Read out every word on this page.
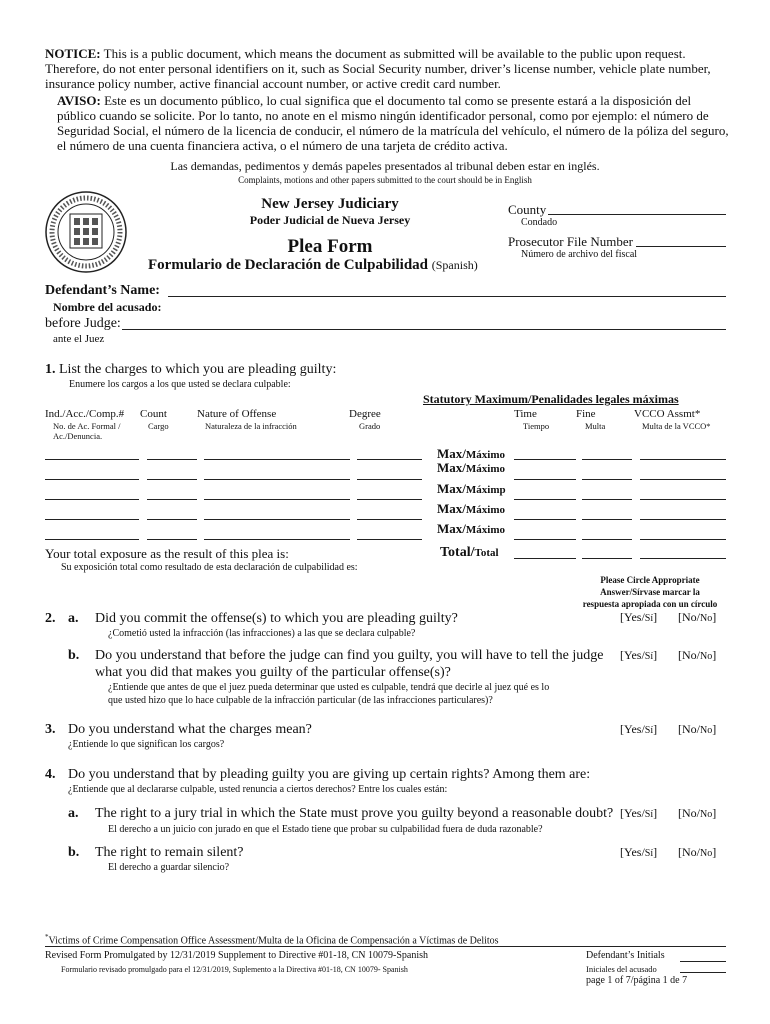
NOTICE: This is a public document, which means the document as submitted will be available to the public upon request. Therefore, do not enter personal identifiers on it, such as Social Security number, driver’s license number, vehicle plate number, insurance policy number, active financial account number, or active credit card number.
AVISO: Este es un documento público, lo cual significa que el documento tal como se presente estará a la disposición del público cuando se solicite. Por lo tanto, no anote en el mismo ningún identificador personal, como por ejemplo: el número de Seguridad Social, el número de la licencia de conducir, el número de la matrícula del vehículo, el número de la póliza del seguro, el número de una cuenta financiera activa, o el número de una tarjeta de crédito activa.
Las demandas, pedimentos y demás papeles presentados al tribunal deben estar en inglés.
Complaints, motions and other papers submitted to the court should be in English
New Jersey Judiciary
Poder Judicial de Nueva Jersey
Plea Form
Formulario de Declaración de Culpabilidad (Spanish)
County
Condado
Prosecutor File Number
Número de archivo del fiscal
Defendant’s Name:
Nombre del acusado:
before Judge:
ante el Juez
1. List the charges to which you are pleading guilty:
Enumere los cargos a los que usted se declara culpable:
Statutory Maximum/Penalidades legales máximas
Ind./Acc./Comp.#
No. de Ac. Formal / Ac./Denuncia.
Count
Cargo
Nature of Offense
Naturaleza de la infracción
Degree
Grado
Time
Tiempo
Fine
Multa
VCCO Assmt*
Multa de la VCCO*
Max/Máximo
Max/Máximo
Max/Máximp
Max/Máximo
Max/Máximo
Your total exposure as the result of this plea is:
Su exposición total como resultado de esta declaración de culpabilidad es:
Total/Total
Please Circle Appropriate
Answer/Sírvase marcar la
respuesta apropiada con un círculo
2. a. Did you commit the offense(s) to which you are pleading guilty?
¿Cometió usted la infracción (las infracciones) a las que se declara culpable?
[Yes/Sí] [No/No]
b. Do you understand that before the judge can find you guilty, you will have to tell the judge
what you did that makes you guilty of the particular offense(s)?
¿Entiende que antes de que el juez pueda determinar que usted es culpable, tendrá que decirle al juez qué es lo
que usted hizo que lo hace culpable de la infracción particular (de las infracciones particulares)?
[Yes/Sí] [No/No]
3. Do you understand what the charges mean?
¿Entiende lo que significan los cargos?
[Yes/Sí] [No/No]
4. Do you understand that by pleading guilty you are giving up certain rights? Among them are:
¿Entiende que al declararse culpable, usted renuncia a ciertos derechos? Entre los cuales están:
a. The right to a jury trial in which the State must prove you guilty beyond a reasonable doubt?
El derecho a un juicio con jurado en que el Estado tiene que probar su culpabilidad fuera de duda razonable?
[Yes/Sí] [No/No]
b. The right to remain silent?
El derecho a guardar silencio?
[Yes/Sí] [No/No]
*Victims of Crime Compensation Office Assessment/Multa de la Oficina de Compensación a Víctimas de Delitos
Revised Form Promulgated by 12/31/2019 Supplement to Directive #01-18, CN 10079-Spanish
Formulario revisado promulgado para el 12/31/2019, Suplemento a la Directiva #01-18, CN 10079- Spanish
Defendant’s Initials
Iniciales del acusado
page 1 of 7/página 1 de 7
